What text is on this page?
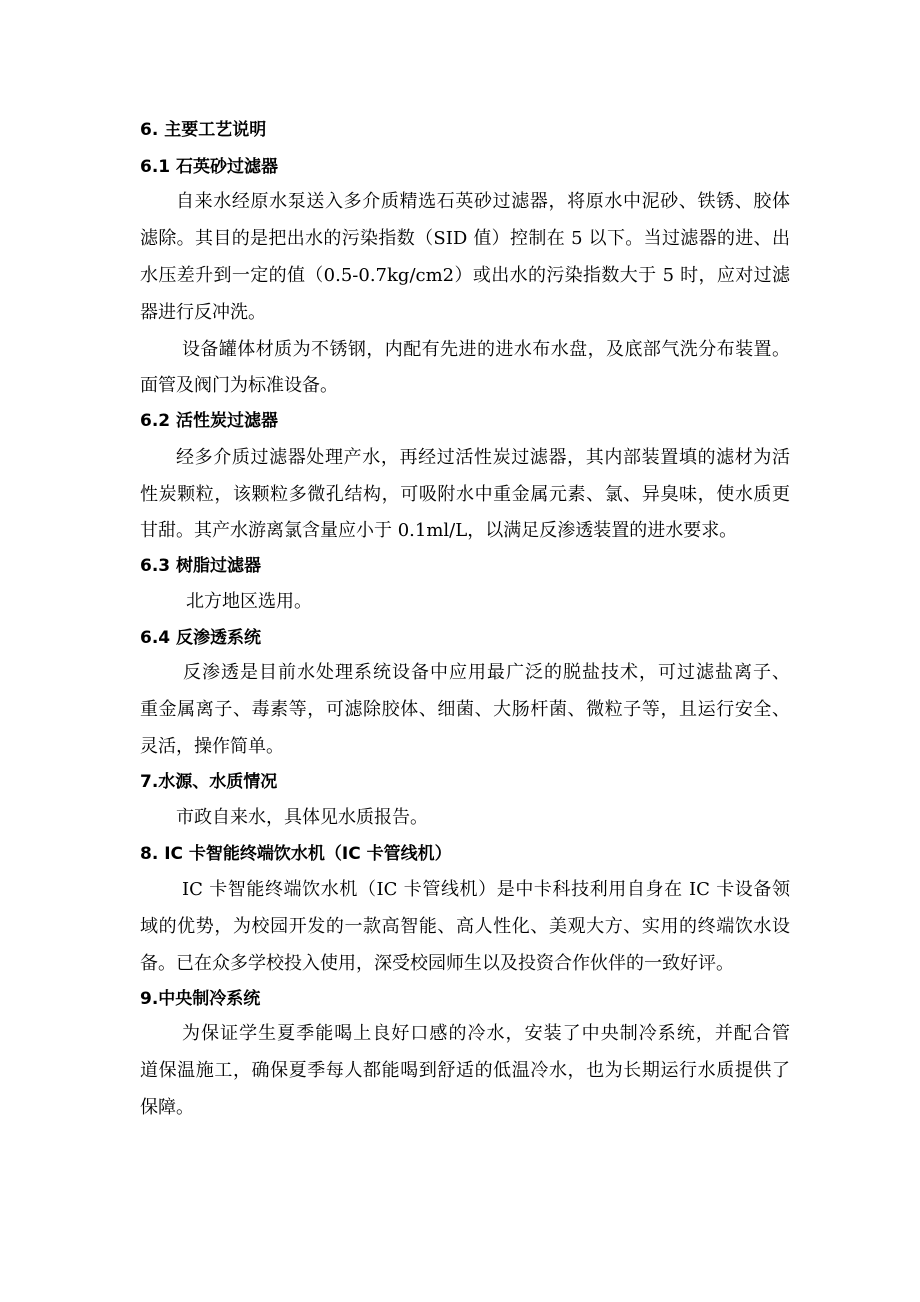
6. 主要工艺说明
6.1 石英砂过滤器
自来水经原水泵送入多介质精选石英砂过滤器，将原水中泥砂、铁锈、胶体
滤除。其目的是把出水的污染指数（SID 值）控制在 5 以下。当过滤器的进、出
水压差升到一定的值（0.5-0.7kg/cm2）或出水的污染指数大于 5 时，应对过滤
器进行反冲洗。
设备罐体材质为不锈钢，内配有先进的进水布水盘，及底部气洗分布装置。
面管及阀门为标准设备。
6.2 活性炭过滤器
经多介质过滤器处理产水，再经过活性炭过滤器，其内部装置填的滤材为活
性炭颗粒，该颗粒多微孔结构，可吸附水中重金属元素、氯、异臭味，使水质更
甘甜。其产水游离氯含量应小于 0.1ml/L，以满足反渗透装置的进水要求。
6.3 树脂过滤器
北方地区选用。
6.4 反渗透系统
反渗透是目前水处理系统设备中应用最广泛的脱盐技术，可过滤盐离子、
重金属离子、毒素等，可滤除胶体、细菌、大肠杆菌、微粒子等，且运行安全、
灵活，操作简单。
7.水源、水质情况
市政自来水，具体见水质报告。
8. IC 卡智能终端饮水机（IC 卡管线机）
IC 卡智能终端饮水机（IC 卡管线机）是中卡科技利用自身在 IC 卡设备领
域的优势，为校园开发的一款高智能、高人性化、美观大方、实用的终端饮水设
备。已在众多学校投入使用，深受校园师生以及投资合作伙伴的一致好评。
9.中央制冷系统
为保证学生夏季能喝上良好口感的冷水，安装了中央制冷系统，并配合管
道保温施工，确保夏季每人都能喝到舒适的低温冷水，也为长期运行水质提供了
保障。
